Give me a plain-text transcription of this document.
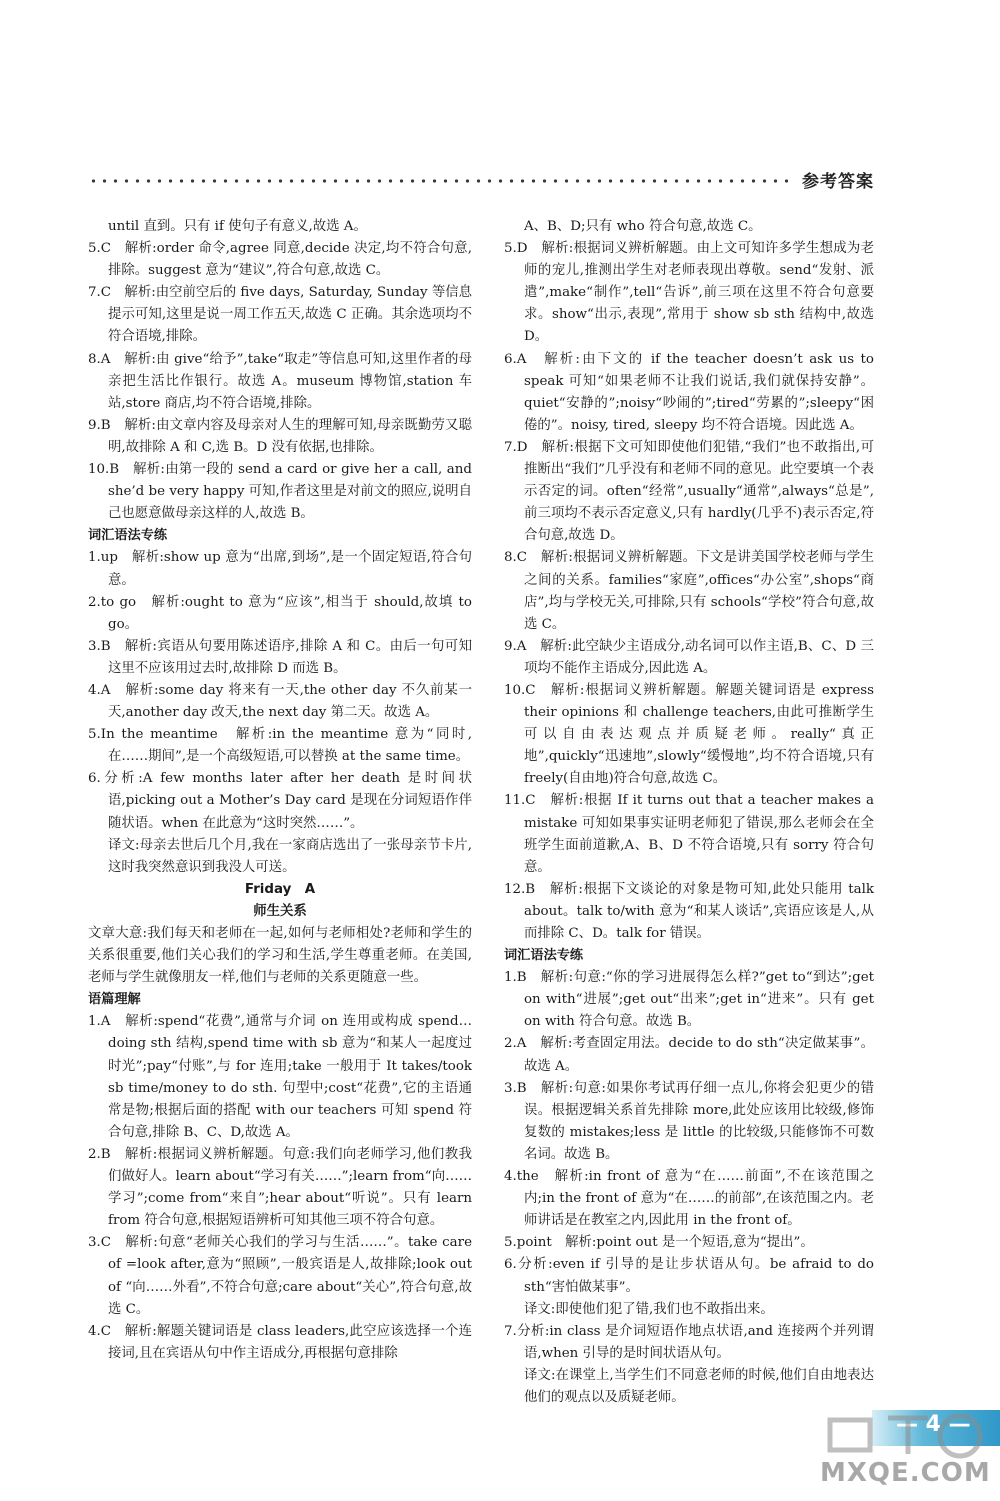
参考答案

until 直到。只有 if 使句子有意义,故选 A。

5.C　解析:order 命令,agree 同意,decide 决定,均不符合句意,排除。suggest 意为“建议”,符合句意,故选 C。

7.C　解析:由空前空后的 five days, Saturday, Sunday 等信息提示可知,这里是说一周工作五天,故选 C 正确。其余选项均不符合语境,排除。

8.A　解析:由 give“给予”,take“取走”等信息可知,这里作者的母亲把生活比作银行。故选 A。museum 博物馆,station 车站,store 商店,均不符合语境,排除。

9.B　解析:由文章内容及母亲对人生的理解可知,母亲既勤劳又聪明,故排除 A 和 C,选 B。D 没有依据,也排除。

10.B　解析:由第一段的 send a card or give her a call, and she’d be very happy 可知,作者这里是对前文的照应,说明自己也愿意做母亲这样的人,故选 B。

词汇语法专练

1.up　解析:show up 意为“出席,到场”,是一个固定短语,符合句意。

2.to go　解析:ought to 意为“应该”,相当于 should,故填 to go。

3.B　解析:宾语从句要用陈述语序,排除 A 和 C。由后一句可知这里不应该用过去时,故排除 D 而选 B。

4.A　解析:some day 将来有一天,the other day 不久前某一天,another day 改天,the next day 第二天。故选 A。

5.In the meantime　解析:in the meantime 意为“同时,在……期间”,是一个高级短语,可以替换 at the same time。

6.分析:A few months later after her death 是时间状语,picking out a Mother’s Day card 是现在分词短语作伴随状语。when 在此意为“这时突然……”。

译文:母亲去世后几个月,我在一家商店选出了一张母亲节卡片,这时我突然意识到我没人可送。

Friday　A

师生关系

文章大意:我们每天和老师在一起,如何与老师相处?老师和学生的关系很重要,他们关心我们的学习和生活,学生尊重老师。在美国,老师与学生就像朋友一样,他们与老师的关系更随意一些。

语篇理解

1.A　解析:spend“花费”,通常与介词 on 连用或构成 spend…doing sth 结构,spend time with sb 意为“和某人一起度过时光”;pay“付账”,与 for 连用;take 一般用于 It takes/took sb time/money to do sth. 句型中;cost“花费”,它的主语通常是物;根据后面的搭配 with our teachers 可知 spend 符合句意,排除 B、C、D,故选 A。

2.B　解析:根据词义辨析解题。句意:我们向老师学习,他们教我们做好人。learn about“学习有关……”;learn from“向……学习”;come from“来自”;hear about“听说”。只有 learn from 符合句意,根据短语辨析可知其他三项不符合句意。

3.C　解析:句意“老师关心我们的学习与生活……”。take care of =look after,意为“照顾”,一般宾语是人,故排除;look out of “向……外看”,不符合句意;care about“关心”,符合句意,故选 C。

4.C　解析:解题关键词语是 class leaders,此空应该选择一个连接词,且在宾语从句中作主语成分,再根据句意排除

A、B、D;只有 who 符合句意,故选 C。

5.D　解析:根据词义辨析解题。由上文可知许多学生想成为老师的宠儿,推测出学生对老师表现出尊敬。send“发射、派遣”,make“制作”,tell“告诉”,前三项在这里不符合句意要求。show“出示,表现”,常用于 show sb sth 结构中,故选 D。

6.A　解析:由下文的 if the teacher doesn’t ask us to speak 可知“如果老师不让我们说话,我们就保持安静”。quiet“安静的”;noisy“吵闹的”;tired“劳累的”;sleepy“困倦的”。noisy, tired, sleepy 均不符合语境。因此选 A。

7.D　解析:根据下文可知即使他们犯错,“我们”也不敢指出,可推断出“我们”几乎没有和老师不同的意见。此空要填一个表示否定的词。often“经常”,usually“通常”,always“总是”,前三项均不表示否定意义,只有 hardly(几乎不)表示否定,符合句意,故选 D。

8.C　解析:根据词义辨析解题。下文是讲美国学校老师与学生之间的关系。families“家庭”,offices“办公室”,shops“商店”,均与学校无关,可排除,只有 schools“学校”符合句意,故选 C。

9.A　解析:此空缺少主语成分,动名词可以作主语,B、C、D 三项均不能作主语成分,因此选 A。

10.C　解析:根据词义辨析解题。解题关键词语是 express their opinions 和 challenge teachers,由此可推断学生可以自由表达观点并质疑老师。really“真正地”,quickly“迅速地”,slowly“缓慢地”,均不符合语境,只有 freely(自由地)符合句意,故选 C。

11.C　解析:根据 If it turns out that a teacher makes a mistake 可知如果事实证明老师犯了错误,那么老师会在全班学生面前道歉,A、B、D 不符合语境,只有 sorry 符合句意。

12.B　解析:根据下文谈论的对象是物可知,此处只能用 talk about。talk to/with 意为“和某人谈话”,宾语应该是人,从而排除 C、D。talk for 错误。

词汇语法专练

1.B　解析:句意:“你的学习进展得怎么样?”get to“到达”;get on with“进展”;get out“出来”;get in“进来”。只有 get on with 符合句意。故选 B。

2.A　解析:考查固定用法。decide to do sth“决定做某事”。故选 A。

3.B　解析:句意:如果你考试再仔细一点儿,你将会犯更少的错误。根据逻辑关系首先排除 more,此处应该用比较级,修饰复数的 mistakes;less 是 little 的比较级,只能修饰不可数名词。故选 B。

4.the　解析:in front of 意为“在……前面”,不在该范围之内;in the front of 意为“在……的前部”,在该范围之内。老师讲话是在教室之内,因此用 in the front of。

5.point　解析:point out 是一个短语,意为“提出”。

6.分析:even if 引导的是让步状语从句。be afraid to do sth“害怕做某事”。

译文:即使他们犯了错,我们也不敢指出来。

7.分析:in class 是介词短语作地点状语,and 连接两个并列谓语,when 引导的是时间状语从句。

译文:在课堂上,当学生们不同意老师的时候,他们自由地表达他们的观点以及质疑老师。

— 4 —
MXQE.COM
